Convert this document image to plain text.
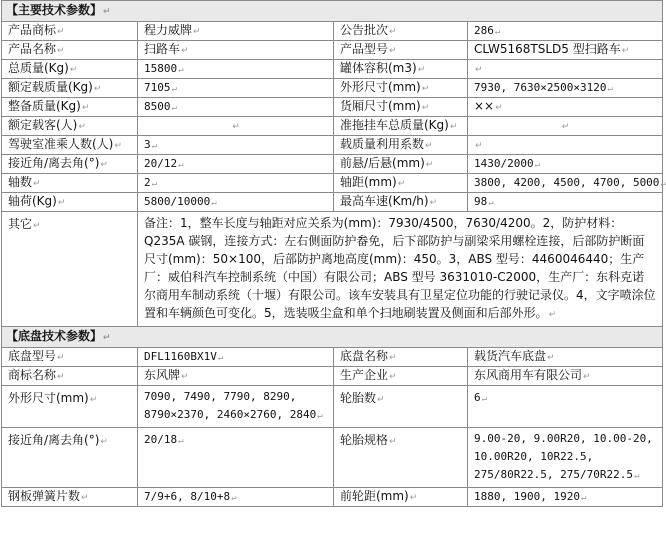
【主要技术参数】↵			
产品商标↵	程力威牌↵	公告批次↵	286↵
产品名称↵	扫路车↵	产品型号↵	CLW5168TSLD5 型扫路车↵
总质量(Kg)↵	15800↵	罐体容积(m3)↵	↵
额定载质量(Kg)↵	7105↵	外形尺寸(mm)↵	7930, 7630×2500×3120↵
整备质量(Kg)↵	8500↵	货厢尺寸(mm)↵	××↵
额定载客(人)↵	↵	准拖挂车总质量(Kg)↵	↵
驾驶室准乘人数(人)↵	3↵	载质量利用系数↵	↵
接近角/离去角(°)↵	20/12↵	前悬/后悬(mm)↵	1430/2000↵
轴数↵	2↵	轴距(mm)↵	3800, 4200, 4500, 4700, 5000↵
轴荷(Kg)↵	5800/10000↵	最高车速(Km/h)↵	98↵
其它↵	备注：1，整车长度与轴距对应关系为(mm)：7930/4500，7630/4200。2，防护材料：Q235A 碳钢，连接方式：左右侧面防护畚免，后下部防护与副梁采用螺栓连接，后部防护断面尺寸(mm)：50×100，后部防护离地高度(mm)：450。3，ABS 型号：4460046440；生产厂：威伯科汽车控制系统（中国）有限公司；ABS 型号 3631010-C2000，生产厂：东科克诺尔商用车制动系统（十堰）有限公司。该车安装具有卫星定位功能的行驶记录仪。4，文字喷涂位置和车辆颜色可变化。5，选装吸尘盒和单个扫地刷装置及侧面和后部外形。↵		
【底盘技术参数】↵			
底盘型号↵	DFL1160BX1V↵	底盘名称↵	载货汽车底盘↵
商标名称↵	东风牌↵	生产企业↵	东风商用车有限公司↵
外形尺寸(mm)↵	7090, 7490, 7790, 8290, 8790×2370, 2460×2760, 2840↵	轮胎数↵	6↵
接近角/离去角(°)↵	20/18↵	轮胎规格↵	9.00-20, 9.00R20, 10.00-20, 10.00R20, 10R22.5, 275/80R22.5, 275/70R22.5↵
钢板弹簧片数↵	7/9+6, 8/10+8↵	前轮距(mm)↵	1880, 1900, 1920↵
